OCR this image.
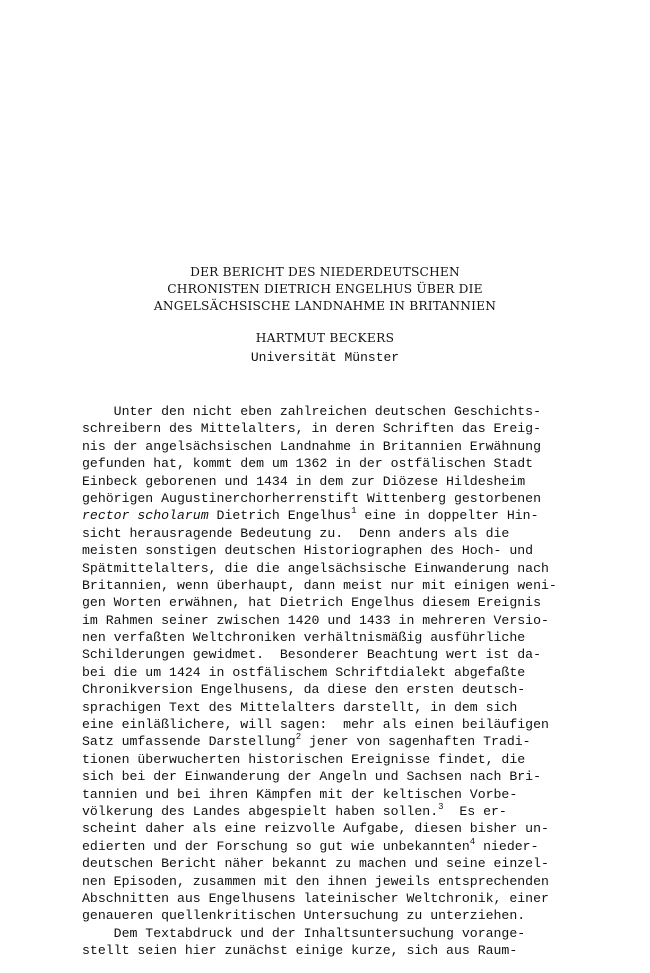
DER BERICHT DES NIEDERDEUTSCHEN
CHRONISTEN DIETRICH ENGELHUS ÜBER DIE
ANGELSÄCHSISCHE LANDNAHME IN BRITANNIEN
HARTMUT BECKERS
Universität Münster
Unter den nicht eben zahlreichen deutschen Geschichts-
schreibern des Mittelalters, in deren Schriften das Ereig-
nis der angelsächsischen Landnahme in Britannien Erwähnung
gefunden hat, kommt dem um 1362 in der ostfälischen Stadt
Einbeck geborenen und 1434 in dem zur Diözese Hildesheim
gehörigen Augustinerchorherrenstift Wittenberg gestorbenen
rector scholarum Dietrich Engelhus$^1$ eine in doppelter Hin-
sicht herausragende Bedeutung zu.  Denn anders als die
meisten sonstigen deutschen Historiographen des Hoch- und
Spätmittelalters, die die angelsächsische Einwanderung nach
Britannien, wenn überhaupt, dann meist nur mit einigen weni-
gen Worten erwähnen, hat Dietrich Engelhus diesem Ereignis
im Rahmen seiner zwischen 1420 und 1433 in mehreren Versio-
nen verfaßten Weltchroniken verhältnismäßig ausführliche
Schilderungen gewidmet.  Besonderer Beachtung wert ist da-
bei die um 1424 in ostfälischem Schriftdialekt abgefaßte
Chronikversion Engelhusens, da diese den ersten deutsch-
sprachigen Text des Mittelalters darstellt, in dem sich
eine einläßlichere, will sagen:  mehr als einen beiläufigen
Satz umfassende Darstellung$^2$ jener von sagenhaften Tradi-
tionen überwucherten historischen Ereignisse findet, die
sich bei der Einwanderung der Angeln und Sachsen nach Bri-
tannien und bei ihren Kämpfen mit der keltischen Vorbe-
völkerung des Landes abgespielt haben sollen.$^3$  Es er-
scheint daher als eine reizvolle Aufgabe, diesen bisher un-
edierten und der Forschung so gut wie unbekannten$^4$ nieder-
deutschen Bericht näher bekannt zu machen und seine einzel-
nen Episoden, zusammen mit den ihnen jeweils entsprechenden
Abschnitten aus Engelhusens lateinischer Weltchronik, einer
genaueren quellenkritischen Untersuchung zu unterziehen.
Dem Textabdruck und der Inhaltsuntersuchung vorange-
stellt seien hier zunächst einige kurze, sich aus Raum-
